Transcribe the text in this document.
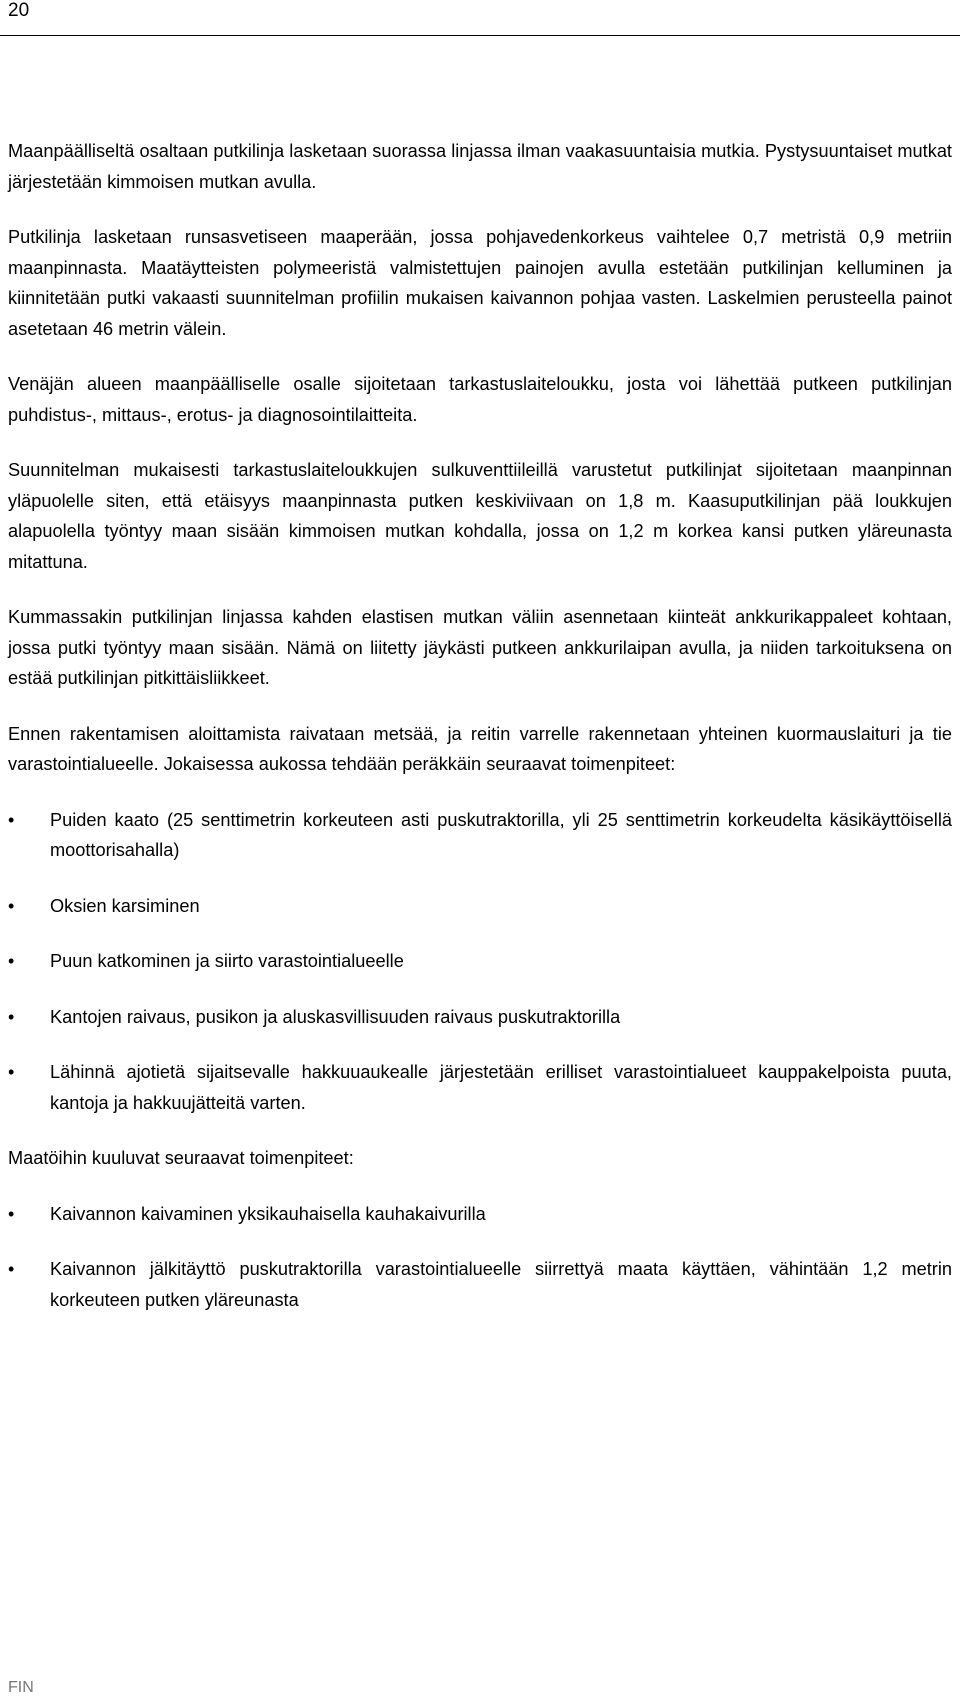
20

Maanpäälliseltä osaltaan putkilinja lasketaan suorassa linjassa ilman vaakasuuntaisia mutkia. Pystysuuntaiset mutkat järjestetään kimmoisen mutkan avulla.

Putkilinja lasketaan runsasvetiseen maaperään, jossa pohjavedenkorkeus vaihtelee 0,7 metristä 0,9 metriin maanpinnasta. Maatäytteisten polymeeristä valmistettujen painojen avulla estetään putkilinjan kelluminen ja kiinnitetään putki vakaasti suunnitelman profiilin mukaisen kaivannon pohjaa vasten. Laskelmien perusteella painot asetetaan 46 metrin välein.

Venäjän alueen maanpäälliselle osalle sijoitetaan tarkastuslaiteloukku, josta voi lähettää putkeen putkilinjan puhdistus-, mittaus-, erotus- ja diagnosointilaitteita.

Suunnitelman mukaisesti tarkastuslaiteloukkujen sulkuventtiileillä varustetut putkilinjat sijoitetaan maanpinnan yläpuolelle siten, että etäisyys maanpinnasta putken keskiviivaan on 1,8 m. Kaasuputkilinjan pää loukkujen alapuolella työntyy maan sisään kimmoisen mutkan kohdalla, jossa on 1,2 m korkea kansi putken yläreunasta mitattuna.

Kummassakin putkilinjan linjassa kahden elastisen mutkan väliin asennetaan kiinteät ankkurikappaleet kohtaan, jossa putki työntyy maan sisään. Nämä on liitetty jäykästi putkeen ankkurilaipan avulla, ja niiden tarkoituksena on estää putkilinjan pitkittäisliikkeet.

Ennen rakentamisen aloittamista raivataan metsää, ja reitin varrelle rakennetaan yhteinen kuormauslaituri ja tie varastointialueelle. Jokaisessa aukossa tehdään peräkkäin seuraavat toimenpiteet:

•	Puiden kaato (25 senttimetrin korkeuteen asti puskutraktorilla, yli 25 senttimetrin korkeudelta käsikäyttöisellä moottorisahalla)
•	Oksien karsiminen
•	Puun katkominen ja siirto varastointialueelle
•	Kantojen raivaus, pusikon ja aluskasvillisuuden raivaus puskutraktorilla
•	Lähinnä ajotietä sijaitsevalle hakkuuaukealle järjestetään erilliset varastointialueet kauppakelpoista puuta, kantoja ja hakkuujätteitä varten.

Maatöihin kuuluvat seuraavat toimenpiteet:

•	Kaivannon kaivaminen yksikauhaisella kauhakaivurilla
•	Kaivannon jälkitäyttö puskutraktorilla varastointialueelle siirrettyä maata käyttäen, vähintään 1,2 metrin korkeuteen putken yläreunasta
FIN
